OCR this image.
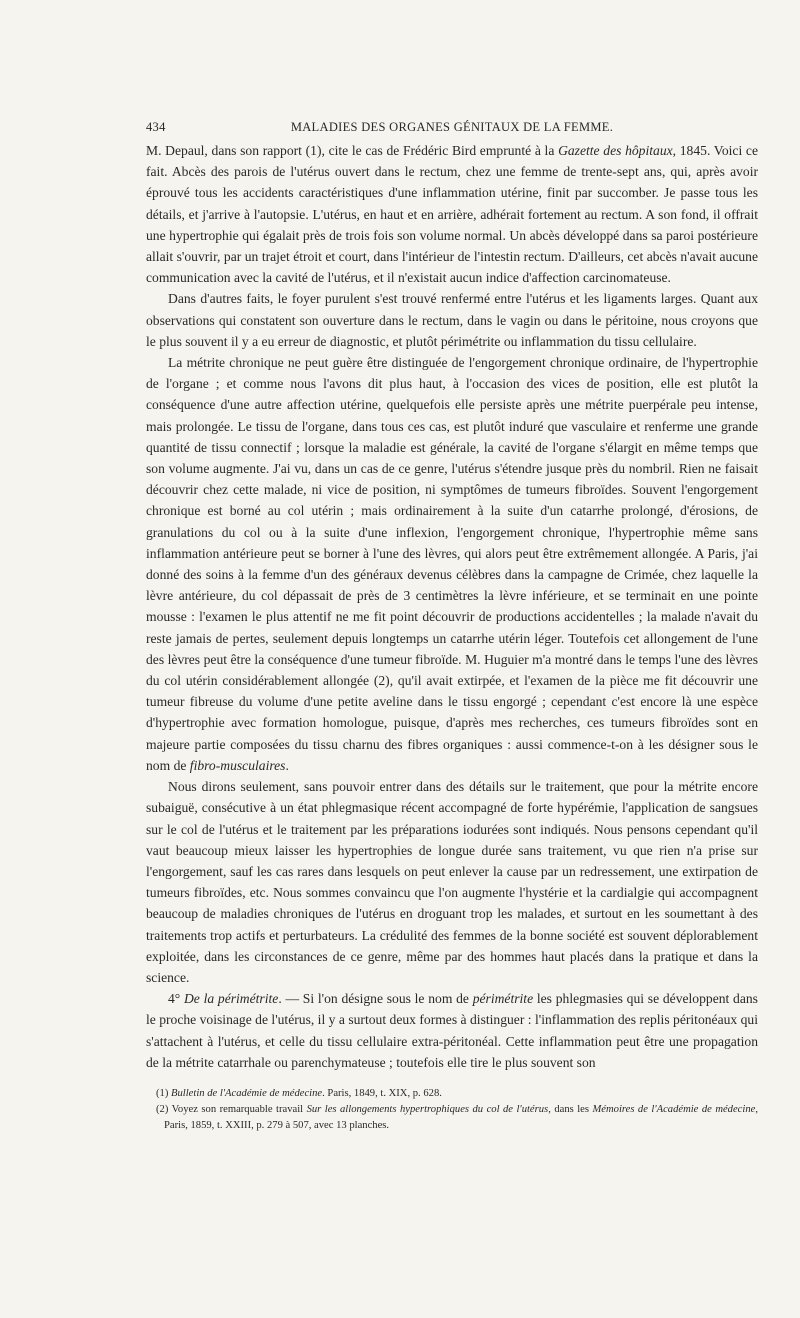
434	MALADIES DES ORGANES GÉNITAUX DE LA FEMME.

M. Depaul, dans son rapport (1), cite le cas de Frédéric Bird emprunté à la Gazette des hôpitaux, 1845. Voici ce fait. Abcès des parois de l'utérus ouvert dans le rectum, chez une femme de trente-sept ans, qui, après avoir éprouvé tous les accidents caractéristiques d'une inflammation utérine, finit par succomber. Je passe tous les détails, et j'arrive à l'autopsie. L'utérus, en haut et en arrière, adhérait fortement au rectum. A son fond, il offrait une hypertrophie qui égalait près de trois fois son volume normal. Un abcès développé dans sa paroi postérieure allait s'ouvrir, par un trajet étroit et court, dans l'intérieur de l'intestin rectum. D'ailleurs, cet abcès n'avait aucune communication avec la cavité de l'utérus, et il n'existait aucun indice d'affection carcinomateuse.

Dans d'autres faits, le foyer purulent s'est trouvé renfermé entre l'utérus et les ligaments larges. Quant aux observations qui constatent son ouverture dans le rectum, dans le vagin ou dans le péritoine, nous croyons que le plus souvent il y a eu erreur de diagnostic, et plutôt périmétrite ou inflammation du tissu cellulaire.

La métrite chronique ne peut guère être distinguée de l'engorgement chronique ordinaire, de l'hypertrophie de l'organe ; et comme nous l'avons dit plus haut, à l'occasion des vices de position, elle est plutôt la conséquence d'une autre affection utérine, quelquefois elle persiste après une métrite puerpérale peu intense, mais prolongée. Le tissu de l'organe, dans tous ces cas, est plutôt induré que vasculaire et renferme une grande quantité de tissu connectif ; lorsque la maladie est générale, la cavité de l'organe s'élargit en même temps que son volume augmente. J'ai vu, dans un cas de ce genre, l'utérus s'étendre jusque près du nombril. Rien ne faisait découvrir chez cette malade, ni vice de position, ni symptômes de tumeurs fibroïdes. Souvent l'engorgement chronique est borné au col utérin ; mais ordinairement à la suite d'un catarrhe prolongé, d'érosions, de granulations du col ou à la suite d'une inflexion, l'engorgement chronique, l'hypertrophie même sans inflammation antérieure peut se borner à l'une des lèvres, qui alors peut être extrêmement allongée. A Paris, j'ai donné des soins à la femme d'un des généraux devenus célèbres dans la campagne de Crimée, chez laquelle la lèvre antérieure, du col dépassait de près de 3 centimètres la lèvre inférieure, et se terminait en une pointe mousse : l'examen le plus attentif ne me fit point découvrir de productions accidentelles ; la malade n'avait du reste jamais de pertes, seulement depuis longtemps un catarrhe utérin léger. Toutefois cet allongement de l'une des lèvres peut être la conséquence d'une tumeur fibroïde. M. Huguier m'a montré dans le temps l'une des lèvres du col utérin considérablement allongée (2), qu'il avait extirpée, et l'examen de la pièce me fit découvrir une tumeur fibreuse du volume d'une petite aveline dans le tissu engorgé ; cependant c'est encore là une espèce d'hypertrophie avec formation homologue, puisque, d'après mes recherches, ces tumeurs fibroïdes sont en majeure partie composées du tissu charnu des fibres organiques : aussi commence-t-on à les désigner sous le nom de fibro-musculaires.

Nous dirons seulement, sans pouvoir entrer dans des détails sur le traitement, que pour la métrite encore subaiguë, consécutive à un état phlegmasique récent accompagné de forte hypérémie, l'application de sangsues sur le col de l'utérus et le traitement par les préparations iodurées sont indiqués. Nous pensons cependant qu'il vaut beaucoup mieux laisser les hypertrophies de longue durée sans traitement, vu que rien n'a prise sur l'engorgement, sauf les cas rares dans lesquels on peut enlever la cause par un redressement, une extirpation de tumeurs fibroïdes, etc. Nous sommes convaincu que l'on augmente l'hystérie et la cardialgie qui accompagnent beaucoup de maladies chroniques de l'utérus en droguant trop les malades, et surtout en les soumettant à des traitements trop actifs et perturbateurs. La crédulité des femmes de la bonne société est souvent déplorablement exploitée, dans les circonstances de ce genre, même par des hommes haut placés dans la pratique et dans la science.

4° De la périmétrite. — Si l'on désigne sous le nom de périmétrite les phlegmasies qui se développent dans le proche voisinage de l'utérus, il y a surtout deux formes à distinguer : l'inflammation des replis péritonéaux qui s'attachent à l'utérus, et celle du tissu cellulaire extra-péritonéal. Cette inflammation peut être une propagation de la métrite catarrhale ou parenchymateuse ; toutefois elle tire le plus souvent son

(1) Bulletin de l'Académie de médecine. Paris, 1849, t. XIX, p. 628.

(2) Voyez son remarquable travail Sur les allongements hypertrophiques du col de l'utérus, dans les Mémoires de l'Académie de médecine, Paris, 1859, t. XXIII, p. 279 à 507, avec 13 planches.
